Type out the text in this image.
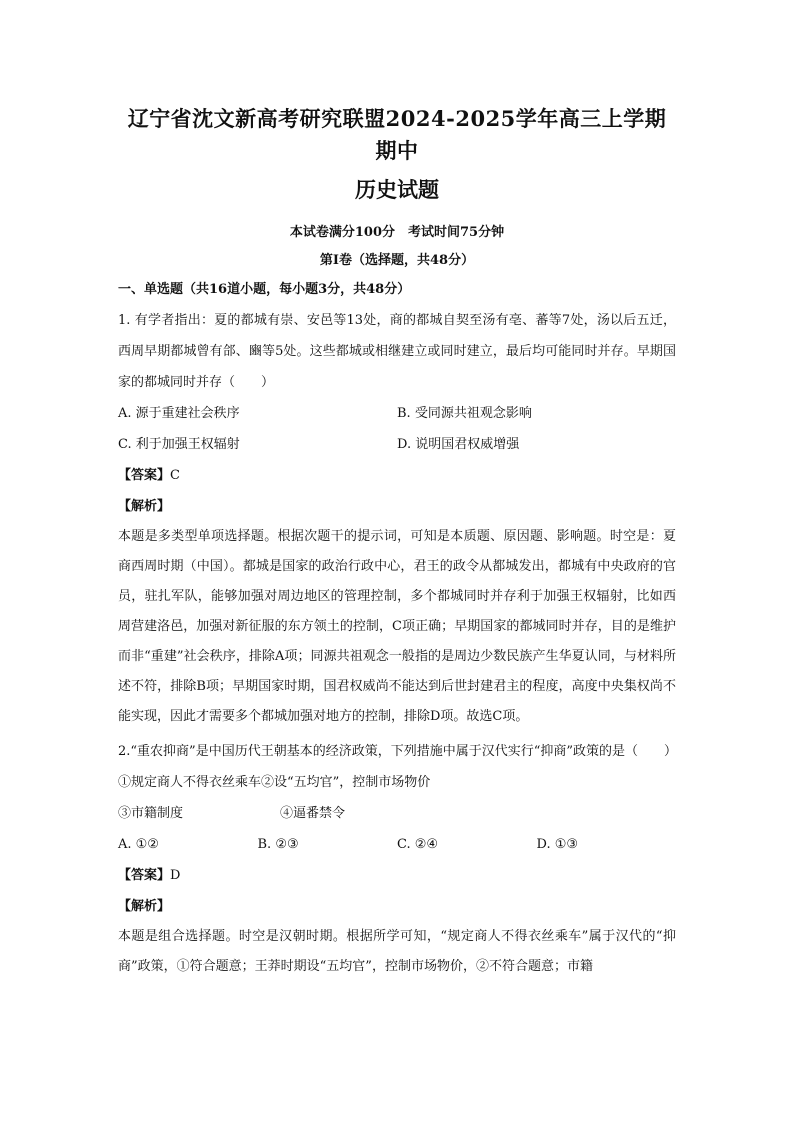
辽宁省沈文新高考研究联盟2024-2025学年高三上学期期中
历史试题
本试卷满分100分　考试时间75分钟
第Ⅰ卷（选择题，共48分）
一、单选题（共16道小题，每小题3分，共48分）

1. 有学者指出：夏的都城有崇、安邑等13处，商的都城自契至汤有亳、蕃等7处，汤以后五迁，西周早期都城曾有郃、豳等5处。这些都城或相继建立或同时建立，最后均可能同时并存。早期国家的都城同时并存（　　）

A. 源于重建社会秩序	B. 受同源共祖观念影响
C. 利于加强王权辐射	D. 说明国君权威增强
【答案】C
【解析】

本题是多类型单项选择题。根据次题干的提示词，可知是本质题、原因题、影响题。时空是：夏商西周时期（中国）。都城是国家的政治行政中心，君王的政令从都城发出，都城有中央政府的官员，驻扎军队，能够加强对周边地区的管理控制，多个都城同时并存利于加强王权辐射，比如西周营建洛邑，加强对新征服的东方领土的控制，C项正确；早期国家的都城同时并存，目的是维护而非“重建”社会秩序，排除A项；同源共祖观念一般指的是周边少数民族产生华夏认同，与材料所述不符，排除B项；早期国家时期，国君权威尚不能达到后世封建君主的程度，高度中央集权尚不能实现，因此才需要多个都城加强对地方的控制，排除D项。故选C项。

2.“重农抑商”是中国历代王朝基本的经济政策，下列措施中属于汉代实行“抑商”政策的是（　　）

①规定商人不得衣丝乘车②设“五均官”，控制市场物价
③市籍制度	④逼番禁令
A. ①②	B. ②③	C. ②④	D. ①③
【答案】D
【解析】

本题是组合选择题。时空是汉朝时期。根据所学可知，“规定商人不得衣丝乘车”属于汉代的“抑商”政策，①符合题意；王莽时期设“五均官”，控制市场物价，②不符合题意；市籍
